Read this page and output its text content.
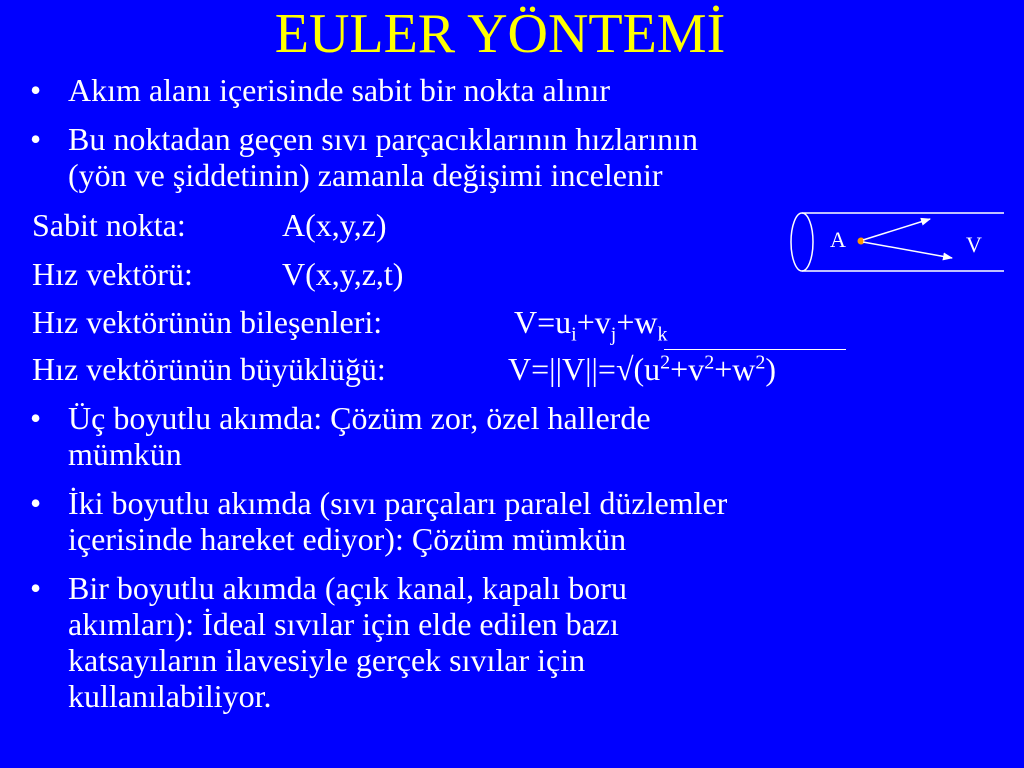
EULER YÖNTEMİ
• Akım alanı içerisinde sabit bir nokta alınır
• Bu noktadan geçen sıvı parçacıklarının hızlarının
(yön ve şiddetinin) zamanla değişimi incelenir
Sabit nokta:	A(x,y,z)
Hız vektörü:	V(x,y,z,t)
Hız vektörünün bileşenleri:	$V=u_i+v_j+w_k$
Hız vektörünün büyüklüğü:	$V=||V||=√(u^2+v^2+w^2)$
• Üç boyutlu akımda: Çözüm zor, özel hallerde
mümkün
• İki boyutlu akımda (sıvı parçaları paralel düzlemler
içerisinde hareket ediyor): Çözüm mümkün
• Bir boyutlu akımda (açık kanal, kapalı boru
akımları): İdeal sıvılar için elde edilen bazı
katsayıların ilavesiyle gerçek sıvılar için
kullanılabiliyor.
A	V
